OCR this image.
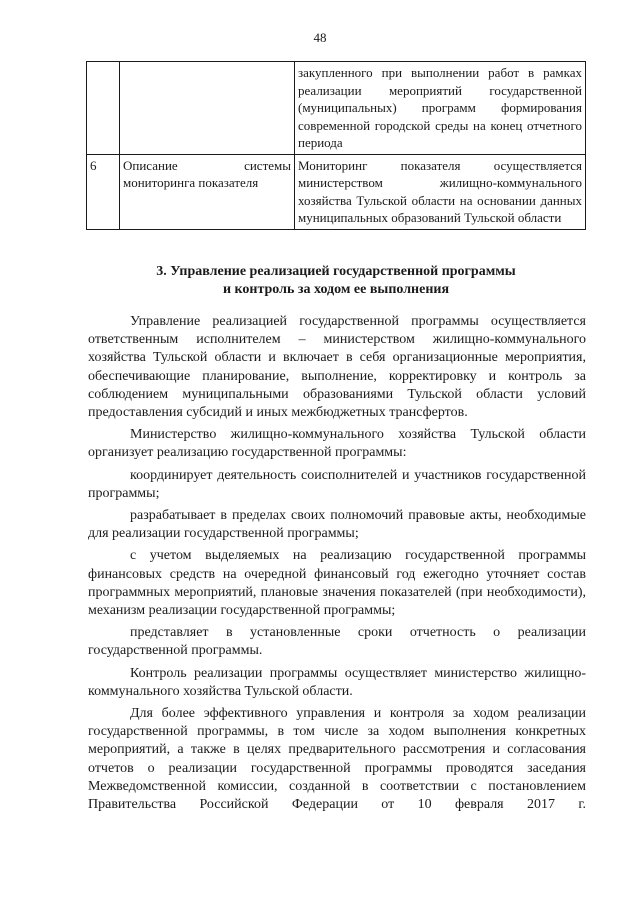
48
		закупленного при выполнении работ в рамках реализации мероприятий государственной (муниципальных) программ формирования современной городской среды на конец отчетного периода
6	Описание системы мониторинга показателя	Мониторинг показателя осуществляется министерством жилищно-коммунального хозяйства Тульской области на основании данных муниципальных образований Тульской области
3. Управление реализацией государственной программы
и контроль за ходом ее выполнения

Управление реализацией государственной программы осуществляется ответственным исполнителем – министерством жилищно-коммунального хозяйства Тульской области и включает в себя организационные мероприятия, обеспечивающие планирование, выполнение, корректировку и контроль за соблюдением муниципальными образованиями Тульской области условий предоставления субсидий и иных межбюджетных трансфертов.

Министерство жилищно-коммунального хозяйства Тульской области организует реализацию государственной программы:

координирует деятельность соисполнителей и участников государственной программы;

разрабатывает в пределах своих полномочий правовые акты, необходимые для реализации государственной программы;

с учетом выделяемых на реализацию государственной программы финансовых средств на очередной финансовый год ежегодно уточняет состав программных мероприятий, плановые значения показателей (при необходимости), механизм реализации государственной программы;

представляет в установленные сроки отчетность о реализации государственной программы.

Контроль реализации программы осуществляет министерство жилищно-коммунального хозяйства Тульской области.

Для более эффективного управления и контроля за ходом реализации государственной программы, в том числе за ходом выполнения конкретных мероприятий, а также в целях предварительного рассмотрения и согласования отчетов о реализации государственной программы проводятся заседания Межведомственной комиссии, созданной в соответствии с постановлением Правительства Российской Федерации от 10 февраля 2017 г.
